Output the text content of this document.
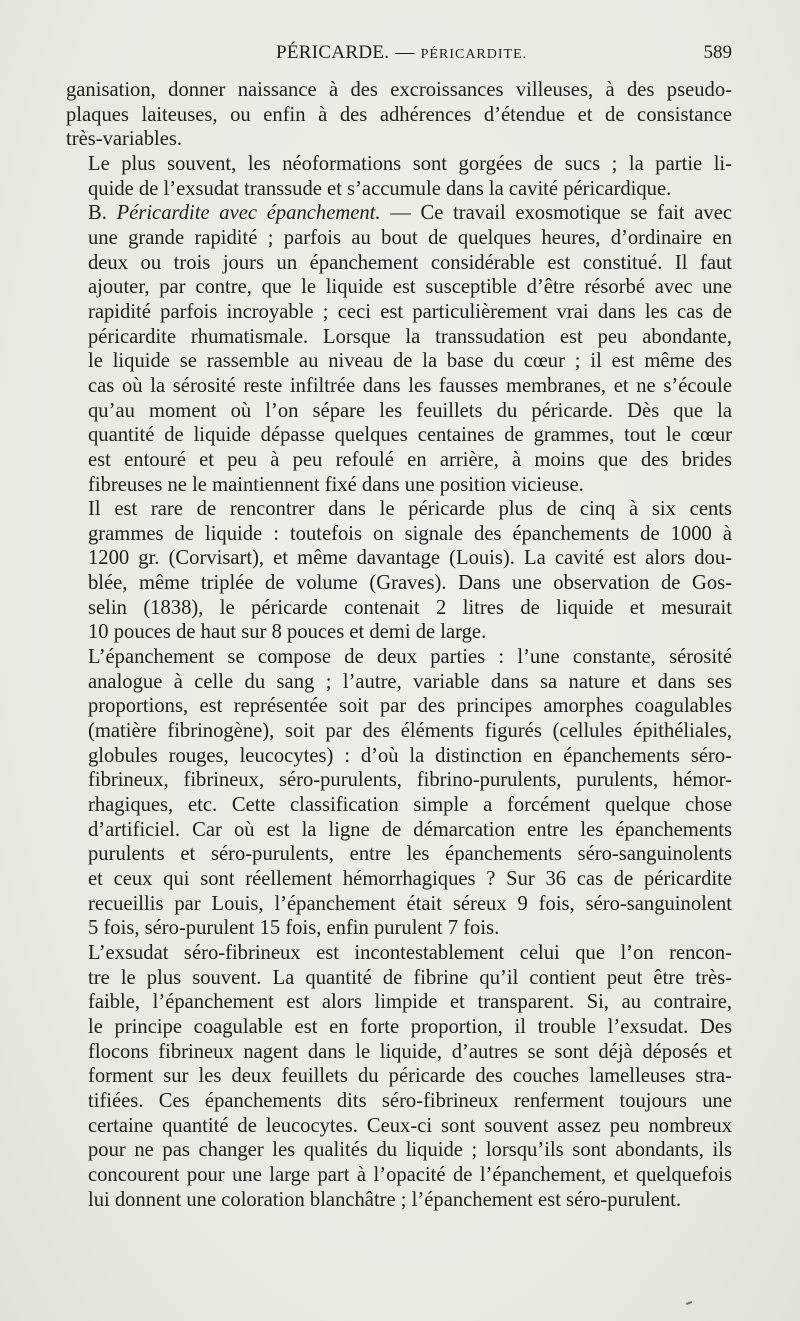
PÉRICARDE. — PÉRICARDITE.	589

ganisation, donner naissance à des excroissances villeuses, à des pseudo-
plaques laiteuses, ou enfin à des adhérences d’étendue et de consistance
très-variables.

Le plus souvent, les néoformations sont gorgées de sucs ; la partie li-
quide de l’exsudat transsude et s’accumule dans la cavité péricardique.

B. Péricardite avec épanchement. — Ce travail exosmotique se fait avec
une grande rapidité ; parfois au bout de quelques heures, d’ordinaire en
deux ou trois jours un épanchement considérable est constitué. Il faut
ajouter, par contre, que le liquide est susceptible d’être résorbé avec une
rapidité parfois incroyable ; ceci est particulièrement vrai dans les cas de
péricardite rhumatismale. Lorsque la transsudation est peu abondante,
le liquide se rassemble au niveau de la base du cœur ; il est même des
cas où la sérosité reste infiltrée dans les fausses membranes, et ne s’écoule
qu’au moment où l’on sépare les feuillets du péricarde. Dès que la
quantité de liquide dépasse quelques centaines de grammes, tout le cœur
est entouré et peu à peu refoulé en arrière, à moins que des brides
fibreuses ne le maintiennent fixé dans une position vicieuse.

Il est rare de rencontrer dans le péricarde plus de cinq à six cents
grammes de liquide : toutefois on signale des épanchements de 1000 à
1200 gr. (Corvisart), et même davantage (Louis). La cavité est alors dou-
blée, même triplée de volume (Graves). Dans une observation de Gos-
selin (1838), le péricarde contenait 2 litres de liquide et mesurait
10 pouces de haut sur 8 pouces et demi de large.

L’épanchement se compose de deux parties : l’une constante, sérosité
analogue à celle du sang ; l’autre, variable dans sa nature et dans ses
proportions, est représentée soit par des principes amorphes coagulables
(matière fibrinogène), soit par des éléments figurés (cellules épithéliales,
globules rouges, leucocytes) : d’où la distinction en épanchements séro-
fibrineux, fibrineux, séro-purulents, fibrino-purulents, purulents, hémor-
rhagiques, etc. Cette classification simple a forcément quelque chose
d’artificiel. Car où est la ligne de démarcation entre les épanchements
purulents et séro-purulents, entre les épanchements séro-sanguinolents
et ceux qui sont réellement hémorrhagiques ? Sur 36 cas de péricardite
recueillis par Louis, l’épanchement était séreux 9 fois, séro-sanguinolent
5 fois, séro-purulent 15 fois, enfin purulent 7 fois.

L’exsudat séro-fibrineux est incontestablement celui que l’on rencon-
tre le plus souvent. La quantité de fibrine qu’il contient peut être très-
faible, l’épanchement est alors limpide et transparent. Si, au contraire,
le principe coagulable est en forte proportion, il trouble l’exsudat. Des
flocons fibrineux nagent dans le liquide, d’autres se sont déjà déposés et
forment sur les deux feuillets du péricarde des couches lamelleuses stra-
tifiées. Ces épanchements dits séro-fibrineux renferment toujours une
certaine quantité de leucocytes. Ceux-ci sont souvent assez peu nombreux
pour ne pas changer les qualités du liquide ; lorsqu’ils sont abondants, ils
concourent pour une large part à l’opacité de l’épanchement, et quelquefois
lui donnent une coloration blanchâtre ; l’épanchement est séro-purulent.
